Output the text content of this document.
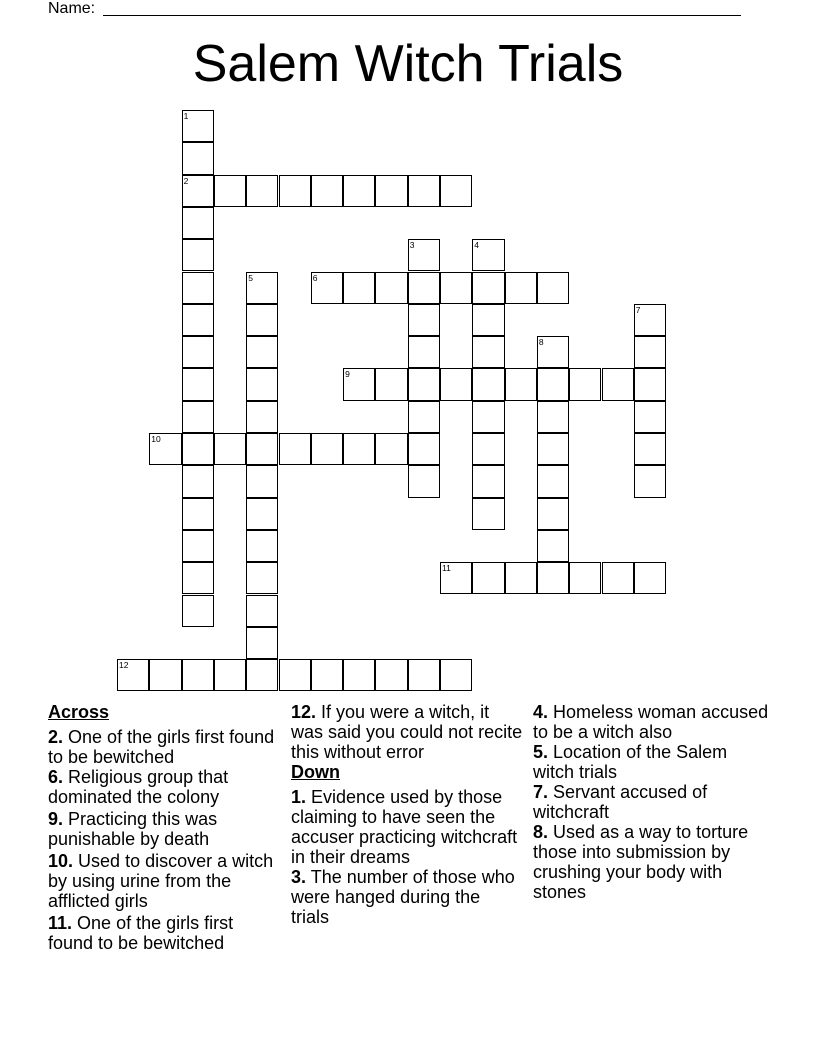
Name:
Salem Witch Trials
1
2
3	4
5	6
7
8
9
10
11
12
Across
2. One of the girls first found to be bewitched
6. Religious group that dominated the colony
9. Practicing this was punishable by death
10. Used to discover a witch by using urine from the afflicted girls
11. One of the girls first found to be bewitched
12. If you were a witch, it was said you could not recite this without error
Down
1. Evidence used by those claiming to have seen the accuser practicing witchcraft in their dreams
3. The number of those who were hanged during the trials
4. Homeless woman accused to be a witch also
5. Location of the Salem witch trials
7. Servant accused of witchcraft
8. Used as a way to torture those into submission by crushing your body with stones
